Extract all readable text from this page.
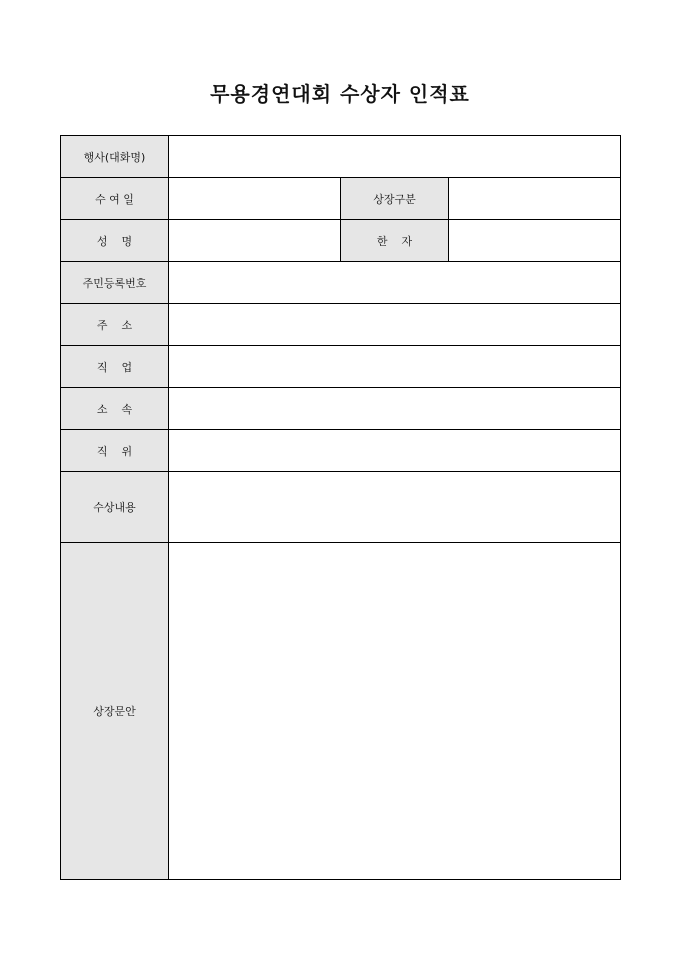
무용경연대회 수상자 인적표
행사(대화명)			
수 여 일		상장구분	
성    명		한    자	
주민등록번호			
주    소			
직    업			
소    속			
직    위			
수상내용			
상장문안			
